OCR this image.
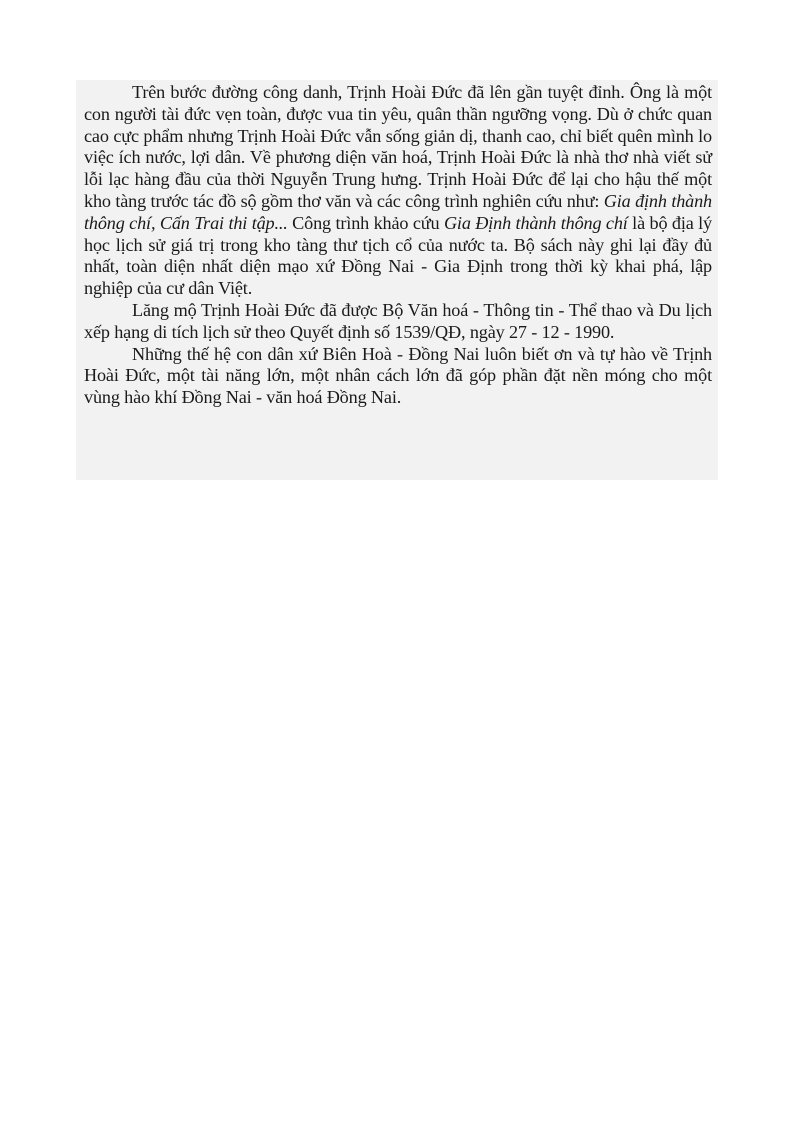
Trên bước đường công danh, Trịnh Hoài Đức đã lên gần tuyệt đỉnh. Ông là một con người tài đức vẹn toàn, được vua tin yêu, quân thần ngưỡng vọng. Dù ở chức quan cao cực phẩm nhưng Trịnh Hoài Đức vẫn sống giản dị, thanh cao, chỉ biết quên mình lo việc ích nước, lợi dân. Về phương diện văn hoá, Trịnh Hoài Đức là nhà thơ nhà viết sử lỗi lạc hàng đầu của thời Nguyễn Trung hưng. Trịnh Hoài Đức để lại cho hậu thế một kho tàng trước tác đồ sộ gồm thơ văn và các công trình nghiên cứu như: Gia định thành thông chí, Cấn Trai thi tập... Công trình khảo cứu Gia Định thành thông chí là bộ địa lý học lịch sử giá trị trong kho tàng thư tịch cổ của nước ta. Bộ sách này ghi lại đầy đủ nhất, toàn diện nhất diện mạo xứ Đồng Nai - Gia Định trong thời kỳ khai phá, lập nghiệp của cư dân Việt.

Lăng mộ Trịnh Hoài Đức đã được Bộ Văn hoá - Thông tin - Thể thao và Du lịch xếp hạng di tích lịch sử theo Quyết định số 1539/QĐ, ngày 27 - 12 - 1990.

Những thế hệ con dân xứ Biên Hoà - Đồng Nai luôn biết ơn và tự hào về Trịnh Hoài Đức, một tài năng lớn, một nhân cách lớn đã góp phần đặt nền móng cho một vùng hào khí Đồng Nai - văn hoá Đồng Nai.
